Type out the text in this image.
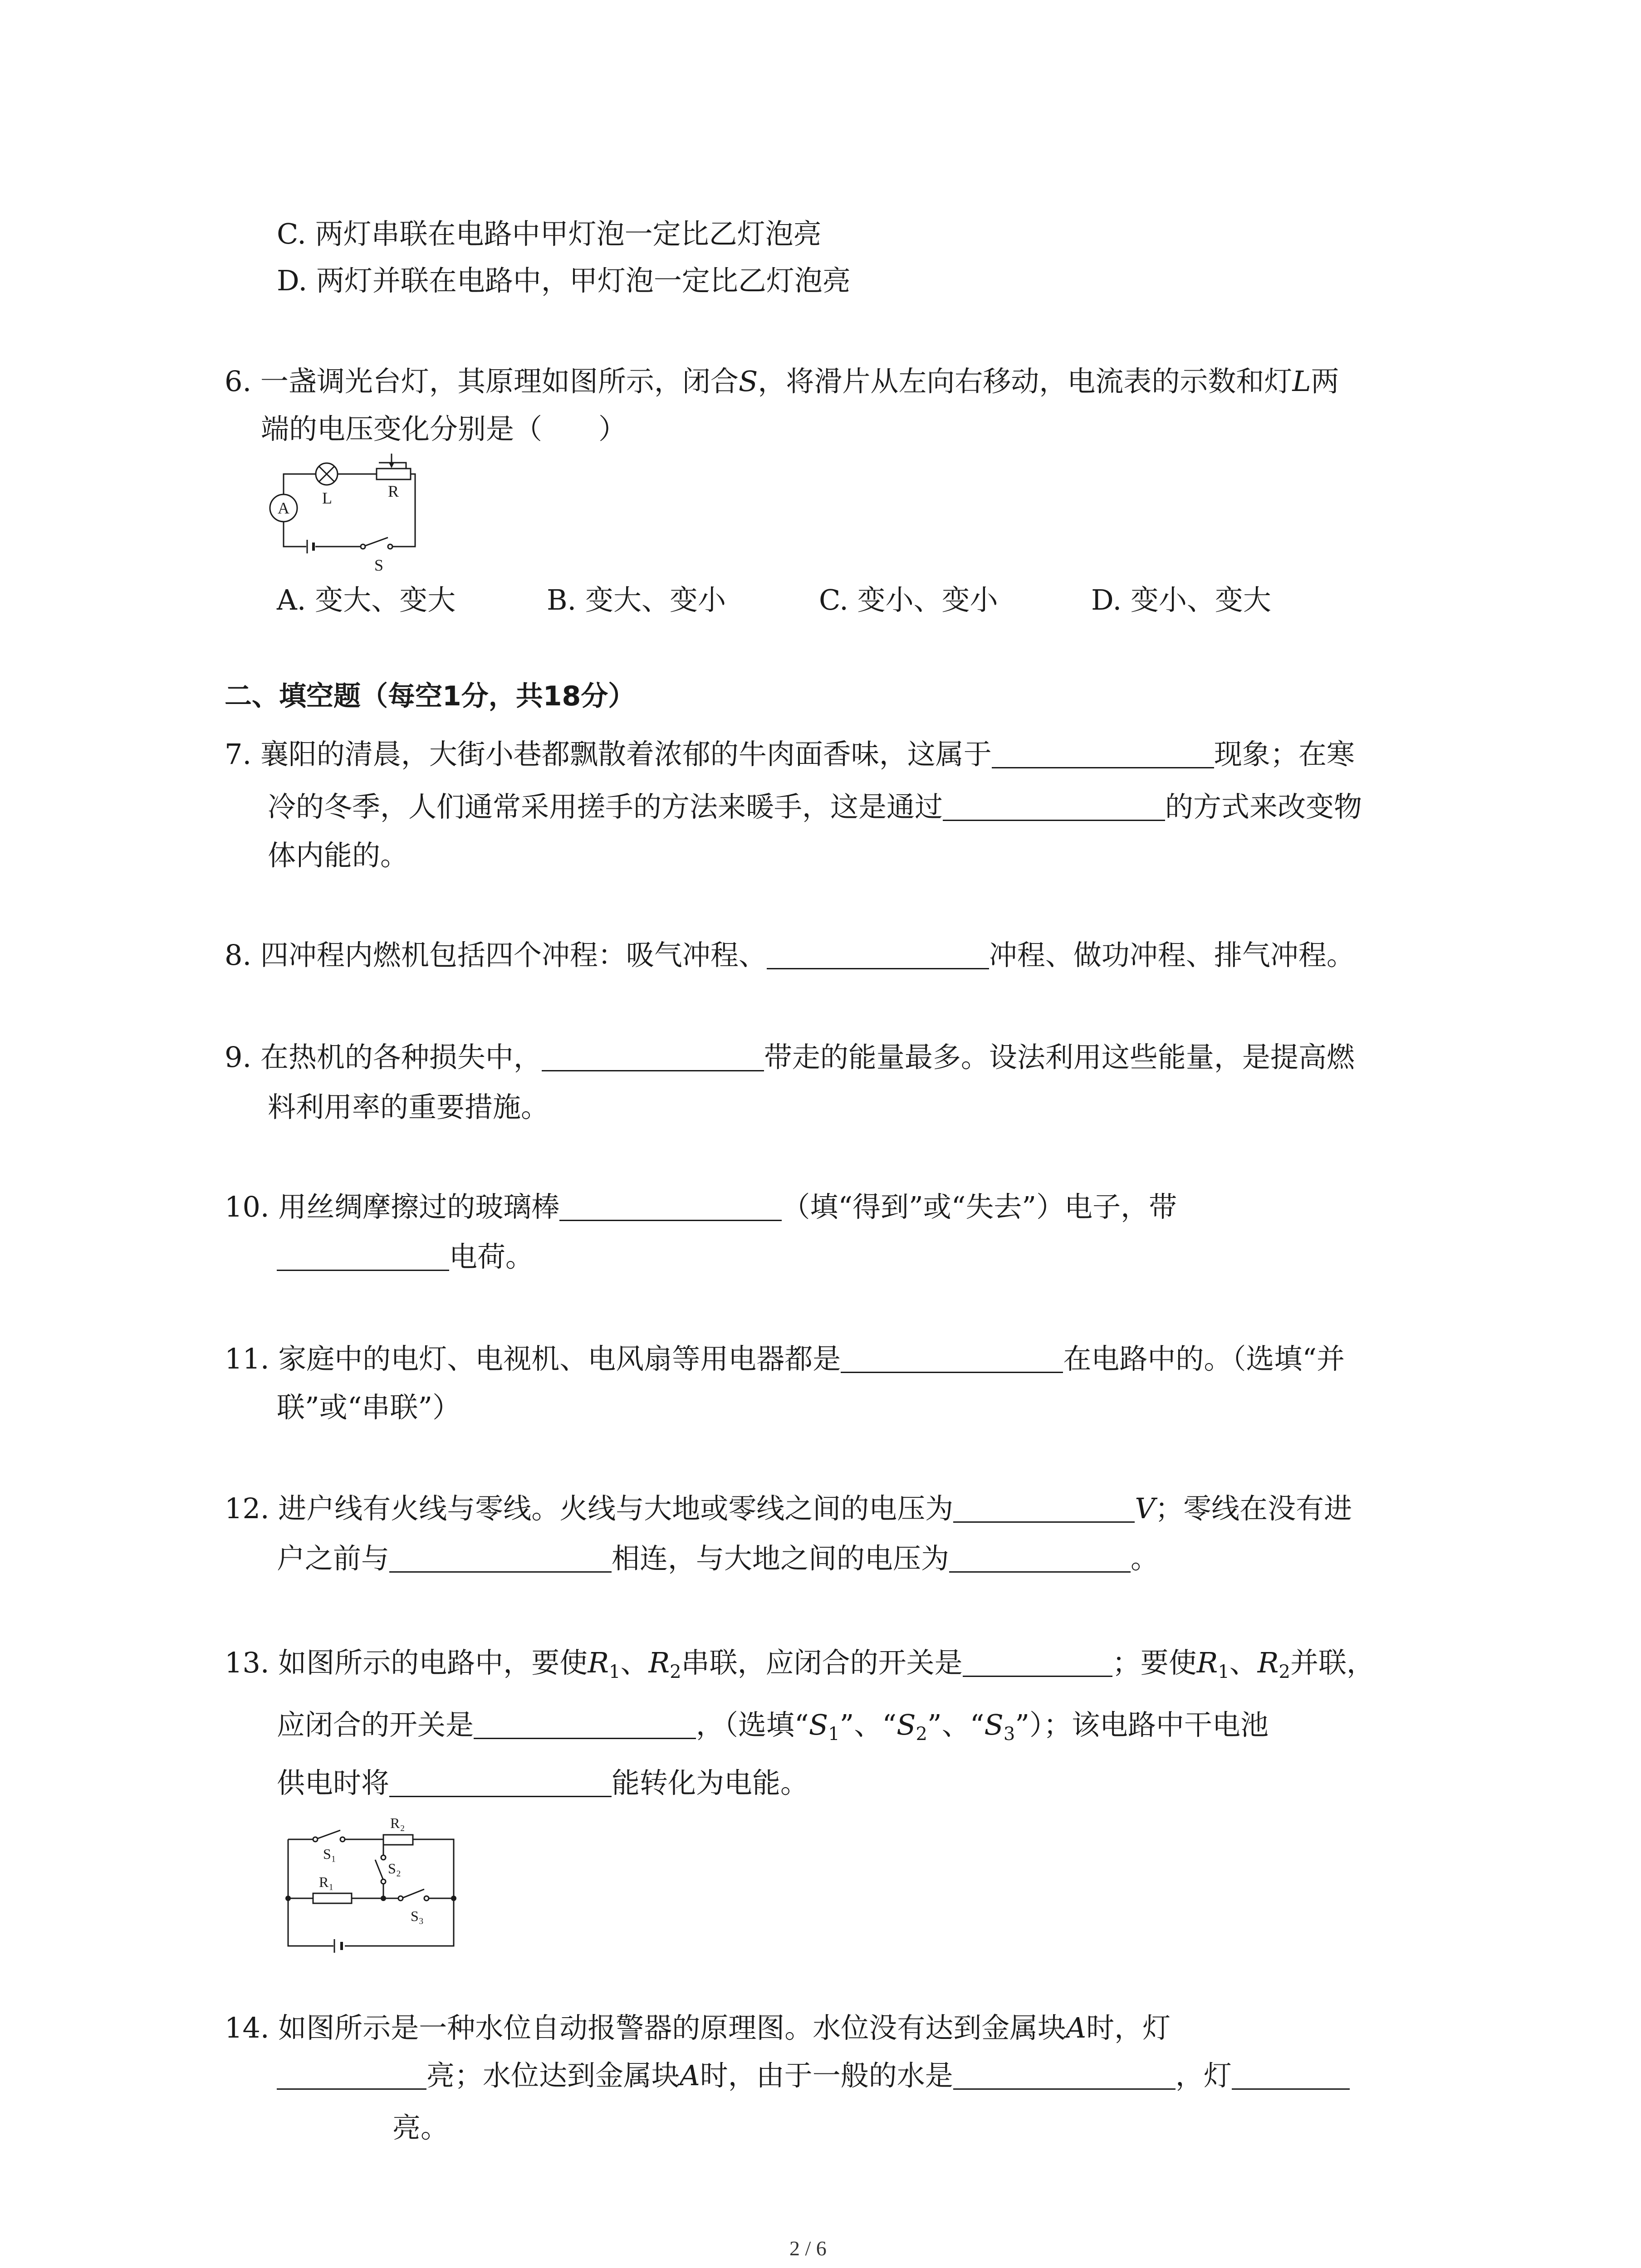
C. 两灯串联在电路中甲灯泡一定比乙灯泡亮
D. 两灯并联在电路中，甲灯泡一定比乙灯泡亮
6. 一盏调光台灯，其原理如图所示，闭合S，将滑片从左向右移动，电流表的示数和灯L两
端的电压变化分别是（　　）
A
L	R
S
A. 变大、变大	B. 变大、变小	C. 变小、变小	D. 变小、变大
二、填空题（每空1分，共18分）
7. 襄阳的清晨，大街小巷都飘散着浓郁的牛肉面香味，这属于	现象；在寒
冷的冬季，人们通常采用搓手的方法来暖手，这是通过	的方式来改变物
体内能的。
8. 四冲程内燃机包括四个冲程：吸气冲程、	冲程、做功冲程、排气冲程。
9. 在热机的各种损失中，	带走的能量最多。设法利用这些能量，是提高燃
料利用率的重要措施。
10. 用丝绸摩擦过的玻璃棒	（填“得到”或“失去”）电子，带
电荷。
11. 家庭中的电灯、电视机、电风扇等用电器都是	在电路中的。（选填“并
联”或“串联”）
12. 进户线有火线与零线。火线与大地或零线之间的电压为	V；零线在没有进
户之前与	相连，与大地之间的电压为	。
13. 如图所示的电路中，要使$R_1$、$R_2$串联，应闭合的开关是	；要使$R_1$、$R_2$并联，
应闭合的开关是	，（选填“$S_1$”、“$S_2$”、“$S_3$”）；该电路中干电池
供电时将	能转化为电能。
S₁
R₂
S₂
R₁
S₃
14. 如图所示是一种水位自动报警器的原理图。水位没有达到金属块A时，灯
亮；水位达到金属块A时，由于一般的水是	，灯
亮。
2 / 6
